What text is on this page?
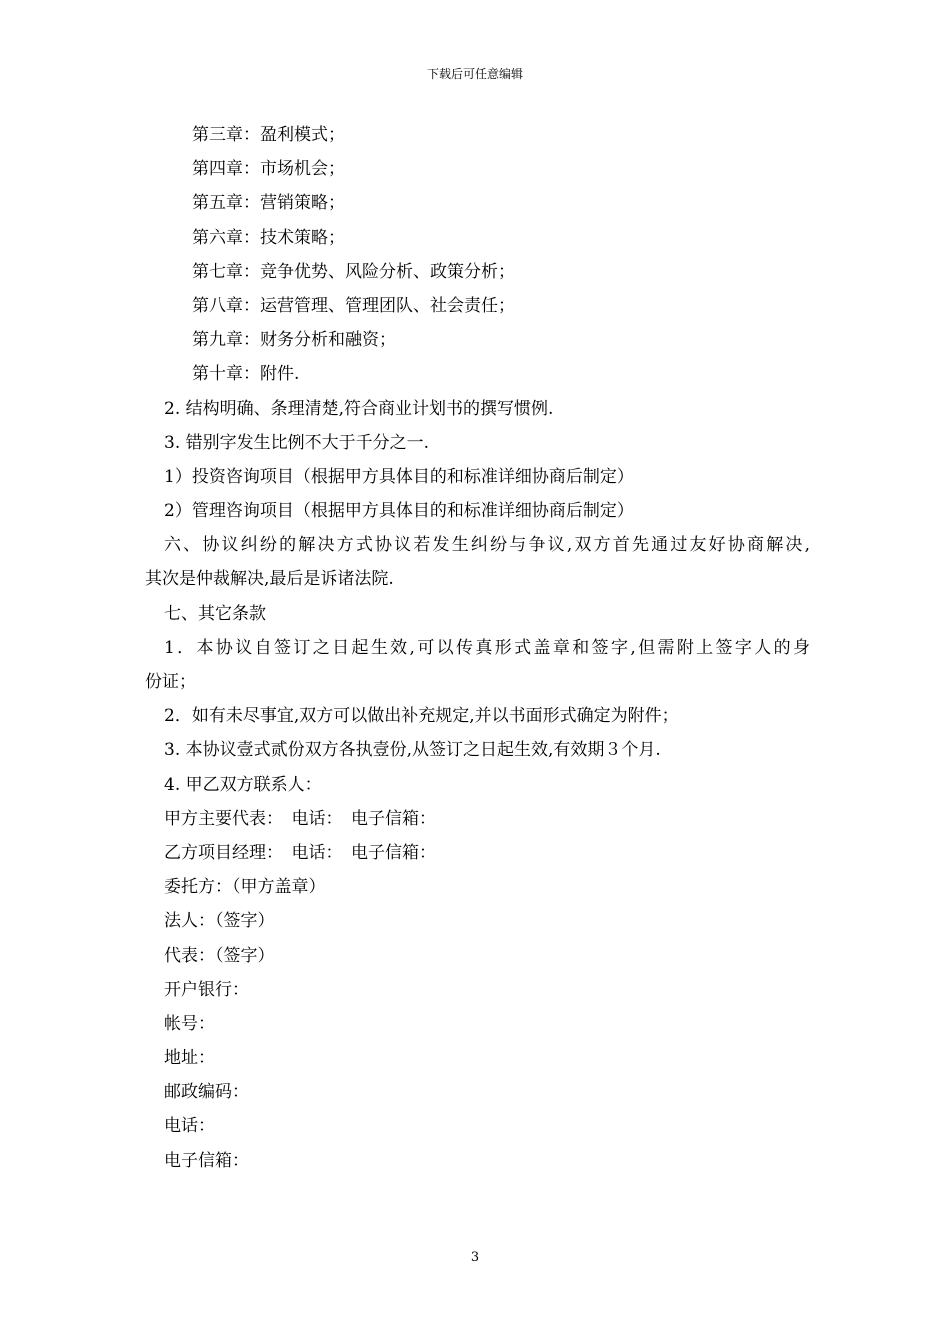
下载后可任意编辑
第三章：盈利模式；
第四章：市场机会；
第五章：营销策略；
第六章：技术策略；
第七章：竞争优势、风险分析、政策分析；
第八章：运营管理、管理团队、社会责任；
第九章：财务分析和融资；
第十章：附件.
2. 结构明确、条理清楚,符合商业计划书的撰写惯例.
3. 错别字发生比例不大于千分之一.
1）投资咨询项目（根据甲方具体目的和标准详细协商后制定）
2）管理咨询项目（根据甲方具体目的和标准详细协商后制定）
六、协议纠纷的解决方式协议若发生纠纷与争议,双方首先通过友好协商解决,
其次是仲裁解决,最后是诉诸法院.
七、其它条款
1．本协议自签订之日起生效,可以传真形式盖章和签字,但需附上签字人的身
份证；
2．如有未尽事宜,双方可以做出补充规定,并以书面形式确定为附件；
3. 本协议壹式贰份双方各执壹份,从签订之日起生效,有效期３个月.
4. 甲乙双方联系人：
甲方主要代表：　电话：　电子信箱：
乙方项目经理：　电话：　电子信箱：
委托方：（甲方盖章）
法人：（签字）
代表：（签字）
开户银行：
帐号：
地址：
邮政编码：
电话：
电子信箱：
3
